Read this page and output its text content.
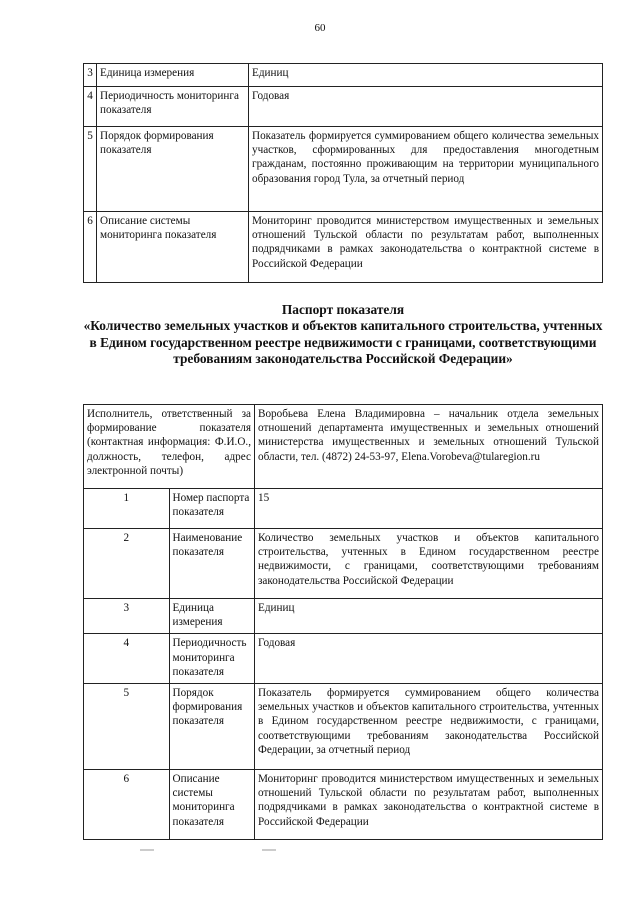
60
3	Единица измерения	Единиц
4	Периодичность мониторинга показателя	Годовая
5	Порядок формирования показателя	Показатель формируется суммированием общего количества земельных участков, сформированных для предоставления многодетным гражданам, постоянно проживающим на территории муниципального образования город Тула, за отчетный период
6	Описание системы мониторинга показателя	Мониторинг проводится министерством имущественных и земельных отношений Тульской области по результатам работ, выполненных подрядчиками в рамках законодательства о контрактной системе в Российской Федерации
Паспорт показателя
«Количество земельных участков и объектов капитального строительства, учтенных в Едином государственном реестре недвижимости с границами, соответствующими требованиям законодательства Российской Федерации»
Исполнитель, ответственный за формирование показателя (контактная информация: Ф.И.О., должность, телефон, адрес электронной почты)		Воробьева Елена Владимировна – начальник отдела земельных отношений департамента имущественных и земельных отношений министерства имущественных и земельных отношений Тульской области, тел. (4872) 24-53-97, Elena.Vorobeva@tularegion.ru
1	Номер паспорта показателя	15
2	Наименование показателя	Количество земельных участков и объектов капитального строительства, учтенных в Едином государственном реестре недвижимости, с границами, соответствующими требованиям законодательства Российской Федерации
3	Единица измерения	Единиц
4	Периодичность мониторинга показателя	Годовая
5	Порядок формирования показателя	Показатель формируется суммированием общего количества земельных участков и объектов капитального строительства, учтенных в Едином государственном реестре недвижимости, с границами, соответствующими требованиям законодательства Российской Федерации, за отчетный период
6	Описание системы мониторинга показателя	Мониторинг проводится министерством имущественных и земельных отношений Тульской области по результатам работ, выполненных подрядчиками в рамках законодательства о контрактной системе в Российской Федерации
